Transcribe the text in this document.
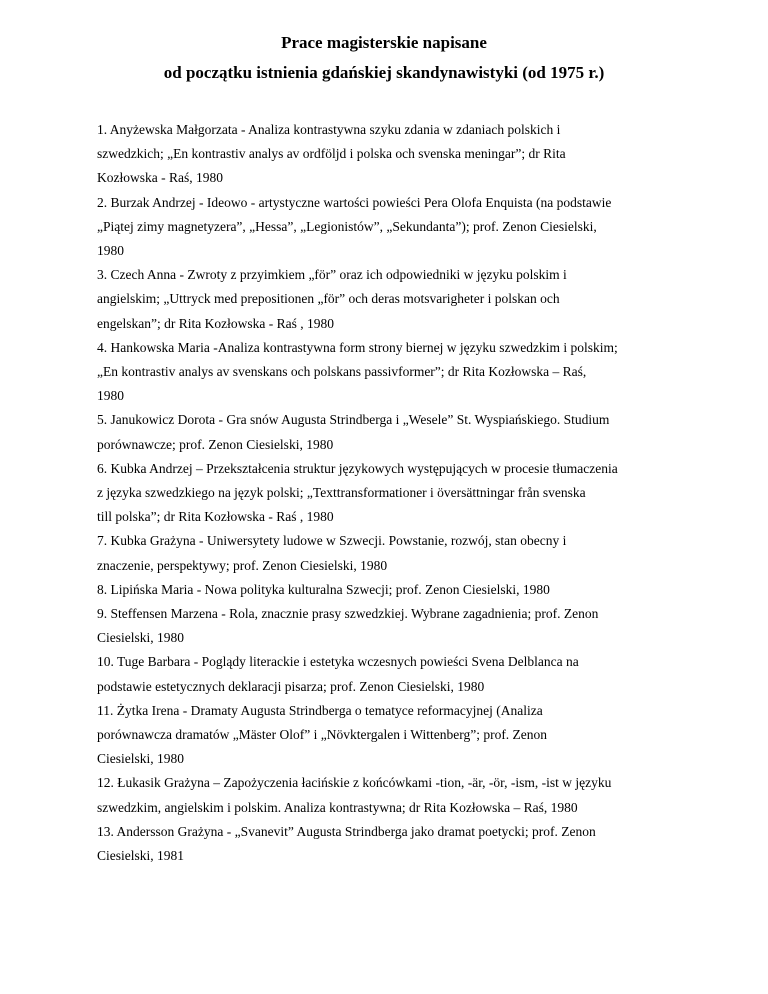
Prace magisterskie napisane
od początku istnienia gdańskiej skandynawistyki (od 1975 r.)
1. Anyżewska Małgorzata - Analiza kontrastywna szyku zdania w zdaniach polskich i
szwedzkich; „En kontrastiv analys av ordföljd i polska och svenska meningar”; dr Rita
Kozłowska - Raś, 1980
2. Burzak Andrzej - Ideowo - artystyczne wartości powieści Pera Olofa Enquista (na podstawie
„Piątej zimy magnetyzera”, „Hessa”, „Legionistów”, „Sekundanta”); prof. Zenon Ciesielski,
1980
3. Czech Anna - Zwroty z przyimkiem „för” oraz ich odpowiedniki w języku polskim i
angielskim; „Uttryck med prepositionen „för” och deras motsvarigheter i polskan och
engelskan”; dr Rita Kozłowska - Raś , 1980
4. Hankowska Maria -Analiza kontrastywna form strony biernej w języku szwedzkim i polskim;
„En kontrastiv analys av svenskans och polskans passivformer”; dr Rita Kozłowska – Raś,
1980
5. Janukowicz Dorota - Gra snów Augusta Strindberga i „Wesele” St. Wyspiańskiego. Studium
porównawcze; prof. Zenon Ciesielski, 1980
6. Kubka Andrzej – Przekształcenia struktur językowych występujących w procesie tłumaczenia
z języka szwedzkiego na język polski; „Texttransformationer i översättningar från svenska
till polska”; dr Rita Kozłowska - Raś , 1980
7. Kubka Grażyna - Uniwersytety ludowe w Szwecji. Powstanie, rozwój, stan obecny i
znaczenie, perspektywy; prof. Zenon Ciesielski, 1980
8. Lipińska Maria - Nowa polityka kulturalna Szwecji; prof. Zenon Ciesielski, 1980
9. Steffensen Marzena - Rola, znacznie prasy szwedzkiej. Wybrane zagadnienia; prof. Zenon
Ciesielski, 1980
10. Tuge Barbara - Poglądy literackie i estetyka wczesnych powieści Svena Delblanca na
podstawie estetycznych deklaracji pisarza; prof. Zenon Ciesielski, 1980
11. Żytka Irena - Dramaty Augusta Strindberga o tematyce reformacyjnej (Analiza
porównawcza dramatów „Mäster Olof” i „Növktergalen i Wittenberg”; prof. Zenon
Ciesielski, 1980
12. Łukasik Grażyna – Zapożyczenia łacińskie z końcówkami -tion, -är, -ör, -ism, -ist w języku
szwedzkim, angielskim i polskim. Analiza kontrastywna; dr Rita Kozłowska – Raś, 1980
13. Andersson Grażyna - „Svanevit” Augusta Strindberga jako dramat poetycki; prof. Zenon
Ciesielski, 1981
